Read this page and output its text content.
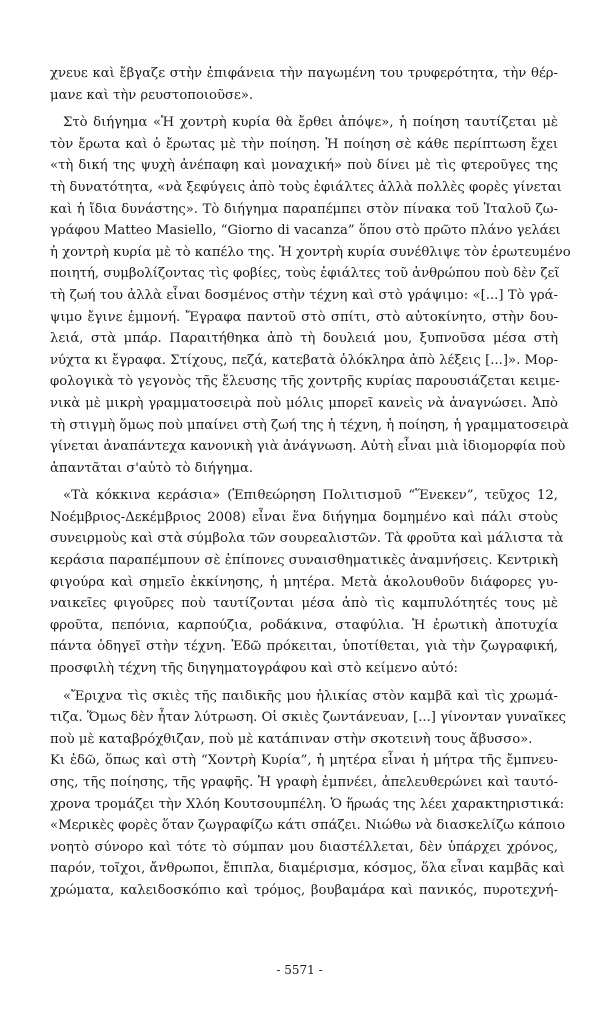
χνευε καὶ ἔβγαζε στὴν ἐπιφάνεια τὴν παγωμένη του τρυφερότητα, τὴν θέρ-
μανε καὶ τὴν ρευστοποιοῦσε».
Στὸ διήγημα «Ἡ χοντρὴ κυρία θὰ ἔρθει ἀπόψε», ἡ ποίηση ταυτίζεται μὲ
τὸν ἔρωτα καὶ ὁ ἔρωτας μὲ τὴν ποίηση. Ἡ ποίηση σὲ κάθε περίπτωση ἔχει
«τὴ δική της ψυχὴ ἀνέπαφη καὶ μοναχική» ποὺ δίνει μὲ τὶς φτεροῦγες της
τὴ δυνατότητα, «νὰ ξεφύγεις ἀπὸ τοὺς ἐφιάλτες ἀλλὰ πολλὲς φορὲς γίνεται
καὶ ἡ ἴδια δυνάστης». Τὸ διήγημα παραπέμπει στὸν πίνακα τοῦ Ἰταλοῦ ζω-
γράφου Matteo Masiello, “Giorno di vacanza” ὅπου στὸ πρῶτο πλάνο γελάει
ἡ χοντρὴ κυρία μὲ τὸ καπέλο της. Ἡ χοντρὴ κυρία συνέθλιψε τὸν ἐρωτευμένο
ποιητή, συμβολίζοντας τὶς φοβίες, τοὺς ἐφιάλτες τοῦ ἀνθρώπου ποὺ δὲν ζεῖ
τὴ ζωή του ἀλλὰ εἶναι δοσμένος στὴν τέχνη καὶ στὸ γράψιμο: «[...] Τὸ γρά-
ψιμο ἔγινε ἐμμονή. Ἔγραφα παντοῦ στὸ σπίτι, στὸ αὐτοκίνητο, στὴν δου-
λειά, στὰ μπάρ. Παραιτήθηκα ἀπὸ τὴ δουλειά μου, ξυπνοῦσα μέσα στὴ
νύχτα κι ἔγραφα. Στίχους, πεζά, κατεβατὰ ὁλόκληρα ἀπὸ λέξεις [...]». Μορ-
φολογικὰ τὸ γεγονὸς τῆς ἔλευσης τῆς χοντρῆς κυρίας παρουσιάζεται κειμε-
νικὰ μὲ μικρὴ γραμματοσειρὰ ποὺ μόλις μπορεῖ κανεὶς νὰ ἀναγνώσει. Ἀπὸ
τὴ στιγμὴ ὅμως ποὺ μπαίνει στὴ ζωή της ἡ τέχνη, ἡ ποίηση, ἡ γραμματοσειρὰ
γίνεται ἀναπάντεχα κανονικὴ γιὰ ἀνάγνωση. Αὐτὴ εἶναι μιὰ ἰδιομορφία ποὺ
ἀπαντᾶται σ'αὐτὸ τὸ διήγημα.
«Τὰ κόκκινα κεράσια» (Ἐπιθεώρηση Πολιτισμοῦ “Ἕνεκεν”, τεῦχος 12,
Νοέμβριος-Δεκέμβριος 2008) εἶναι ἕνα διήγημα δομημένο καὶ πάλι στοὺς
συνειρμοὺς καὶ στὰ σύμβολα τῶν σουρεαλιστῶν. Τὰ φροῦτα καὶ μάλιστα τὰ
κεράσια παραπέμπουν σὲ ἐπίπονες συναισθηματικὲς ἀναμνήσεις. Κεντρικὴ
φιγούρα καὶ σημεῖο ἐκκίνησης, ἡ μητέρα. Μετὰ ἀκολουθοῦν διάφορες γυ-
ναικεῖες φιγοῦρες ποὺ ταυτίζονται μέσα ἀπὸ τὶς καμπυλότητές τους μὲ
φροῦτα, πεπόνια, καρπούζια, ροδάκινα, σταφύλια. Ἡ ἐρωτικὴ ἀποτυχία
πάντα ὁδηγεῖ στὴν τέχνη. Ἐδῶ πρόκειται, ὑποτίθεται, γιὰ τὴν ζωγραφική,
προσφιλὴ τέχνη τῆς διηγηματογράφου καὶ στὸ κείμενο αὐτό:
«Ἔριχνα τὶς σκιὲς τῆς παιδικῆς μου ἡλικίας στὸν καμβᾶ καὶ τὶς χρωμά-
τιζα. Ὅμως δὲν ἦταν λύτρωση. Οἱ σκιὲς ζωντάνευαν, [...] γίνονταν γυναῖκες
ποὺ μὲ καταβρόχθιζαν, ποὺ μὲ κατάπιναν στὴν σκοτεινὴ τους ἄβυσσο».
Κι ἐδῶ, ὅπως καὶ στὴ “Χοντρὴ Κυρία”, ἡ μητέρα εἶναι ἡ μήτρα τῆς ἔμπνευ-
σης, τῆς ποίησης, τῆς γραφῆς. Ἡ γραφὴ ἐμπνέει, ἀπελευθερώνει καὶ ταυτό-
χρονα τρομάζει τὴν Χλόη Κουτσουμπέλη. Ὁ ἥρωάς της λέει χαρακτηριστικά:
«Μερικὲς φορὲς ὅταν ζωγραφίζω κάτι σπάζει. Νιώθω νὰ διασκελίζω κάποιο
νοητὸ σύνορο καὶ τότε τὸ σύμπαν μου διαστέλλεται, δὲν ὑπάρχει χρόνος,
παρόν, τοῖχοι, ἄνθρωποι, ἔπιπλα, διαμέρισμα, κόσμος, ὅλα εἶναι καμβᾶς καὶ
χρώματα, καλειδοσκόπιο καὶ τρόμος, βουβαμάρα καὶ πανικός, πυροτεχνή-
- 5571 -
